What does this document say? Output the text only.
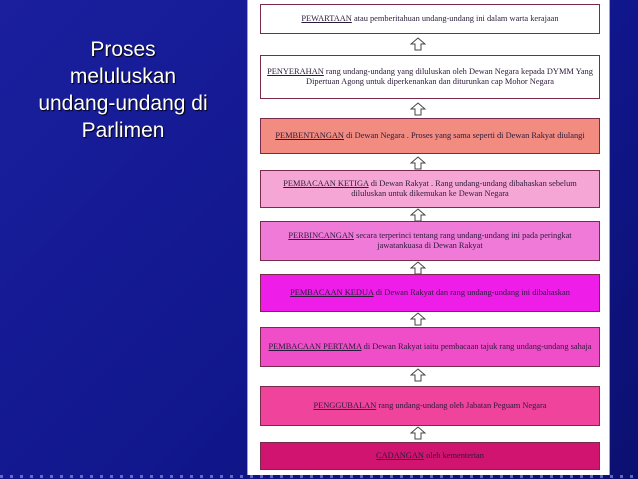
Proses
meluluskan
undang-undang di
Parlimen
PEWARTAAN atau pemberitahuan undang-undang ini dalam warta kerajaan
PENYERAHAN rang undang-undang yang diluluskan oleh Dewan Negara kepada DYMM Yang Dipertuan Agong untuk diperkenankan dan diturunkan cap Mohor Negara
PEMBENTANGAN di Dewan Negara . Proses yang sama seperti di Dewan Rakyat diulangi
PEMBACAAN KETIGA di Dewan Rakyat . Rang undang-undang dibahaskan sebelum diluluskan untuk dikemukan ke Dewan Negara
PERBINCANGAN secara terperinci tentang rang undang-undang ini pada peringkat jawatankuasa di Dewan Rakyat
PEMBACAAN KEDUA di Dewan Rakyat dan rang undang-undang ini dibahaskan
PEMBACAAN PERTAMA di Dewan Rakyat iaitu pembacaan tajuk rang undang-undang sahaja
PENGGUBALAN rang undang-undang oleh Jabatan Peguam Negara
CADANGAN oleh kementerian
